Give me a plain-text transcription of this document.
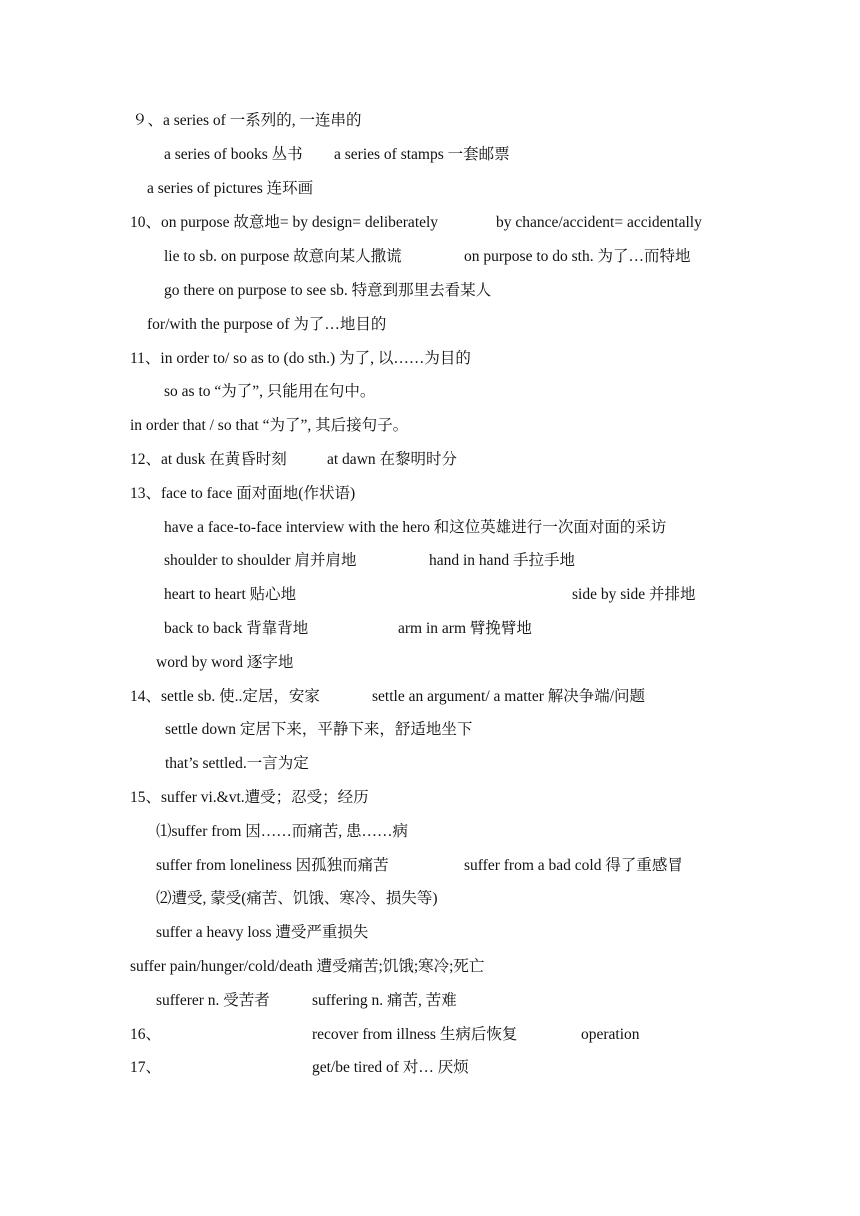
９、a series of 一系列的, 一连串的
a series of books 丛书 a series of stamps 一套邮票
a series of pictures 连环画
10、on purpose 故意地= by design= deliberately	by chance/accident= accidentally
lie to sb. on purpose 故意向某人撒谎	on purpose to do sth. 为了…而特地
go there on purpose to see sb. 特意到那里去看某人
for/with the purpose of 为了…地目的
11、in order to/ so as to (do sth.) 为了, 以……为目的
so as to “为了”, 只能用在句中。
in order that / so that “为了”, 其后接句子。
12、at dusk 在黄昏时刻	at dawn 在黎明时分
13、face to face 面对面地(作状语)
have a face-to-face interview with the hero 和这位英雄进行一次面对面的采访
shoulder to shoulder 肩并肩地	hand in hand 手拉手地
heart to heart 贴心地	side by side 并排地
back to back 背靠背地	arm in arm 臂挽臂地
word by word 逐字地
14、settle sb. 使..定居，安家	settle an argument/ a matter 解决争端/问题
settle down 定居下来，平静下来，舒适地坐下
that’s settled.一言为定
15、suffer vi.&vt.遭受；忍受；经历
⑴suffer from 因……而痛苦, 患……病
suffer from loneliness 因孤独而痛苦	suffer from a bad cold 得了重感冒
⑵遭受, 蒙受(痛苦、饥饿、寒冷、损失等)
suffer a heavy loss 遭受严重损失
suffer pain/hunger/cold/death 遭受痛苦;饥饿;寒冷;死亡
sufferer n. 受苦者	suffering n. 痛苦, 苦难
16、	recover from illness 生病后恢复	operation
17、	get/be tired of 对… 厌烦
